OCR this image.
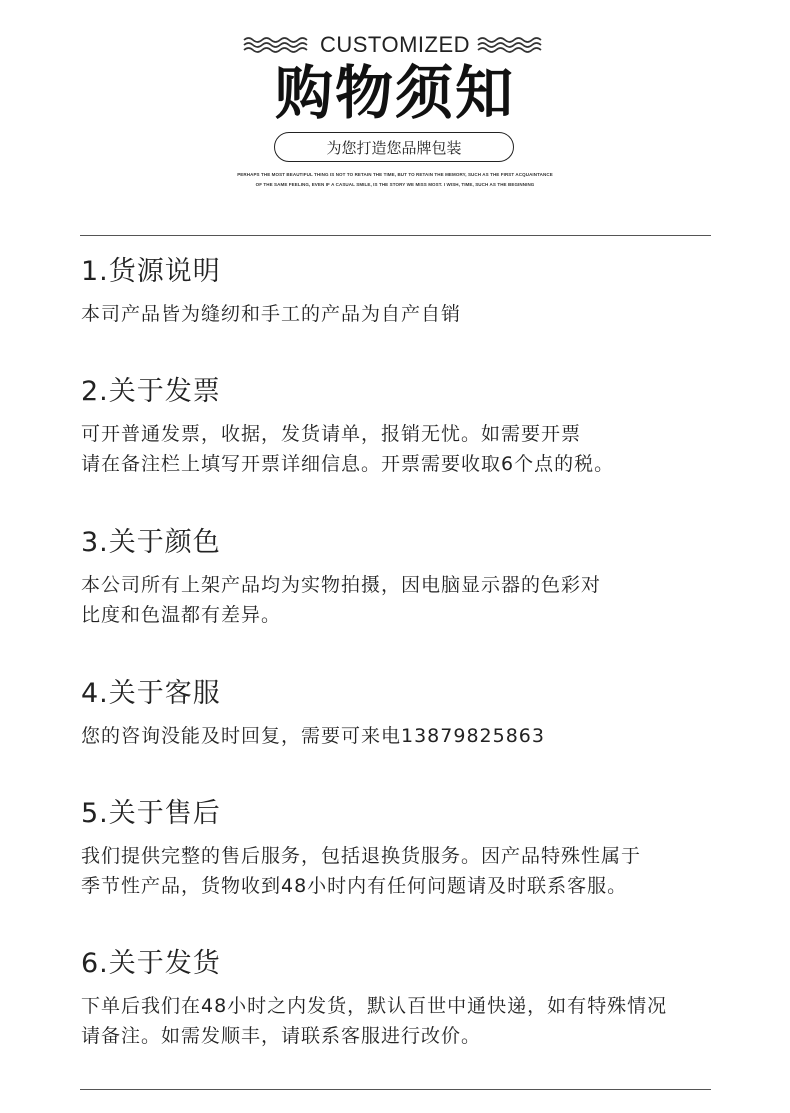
CUSTOMIZED
购物须知
为您打造您品牌包装
PERHAPS THE MOST BEAUTIFUL THING IS NOT TO RETAIN THE TIME, BUT TO RETAIN THE MEMORY, SUCH AS THE FIRST ACQUAINTANCE
OF THE SAME FEELING, EVEN IF A CASUAL SMILE, IS THE STORY WE MISS MOST. I WISH, TIME, SUCH AS THE BEGINNING
1.货源说明
本司产品皆为缝纫和手工的产品为自产自销
2.关于发票
可开普通发票，收据，发货请单，报销无忧。如需要开票
请在备注栏上填写开票详细信息。开票需要收取6个点的税。
3.关于颜色
本公司所有上架产品均为实物拍摄，因电脑显示器的色彩对
比度和色温都有差异。
4.关于客服
您的咨询没能及时回复，需要可来电13879825863
5.关于售后
我们提供完整的售后服务，包括退换货服务。因产品特殊性属于
季节性产品，货物收到48小时内有任何问题请及时联系客服。
6.关于发货
下单后我们在48小时之内发货，默认百世中通快递，如有特殊情况
请备注。如需发顺丰，请联系客服进行改价。
